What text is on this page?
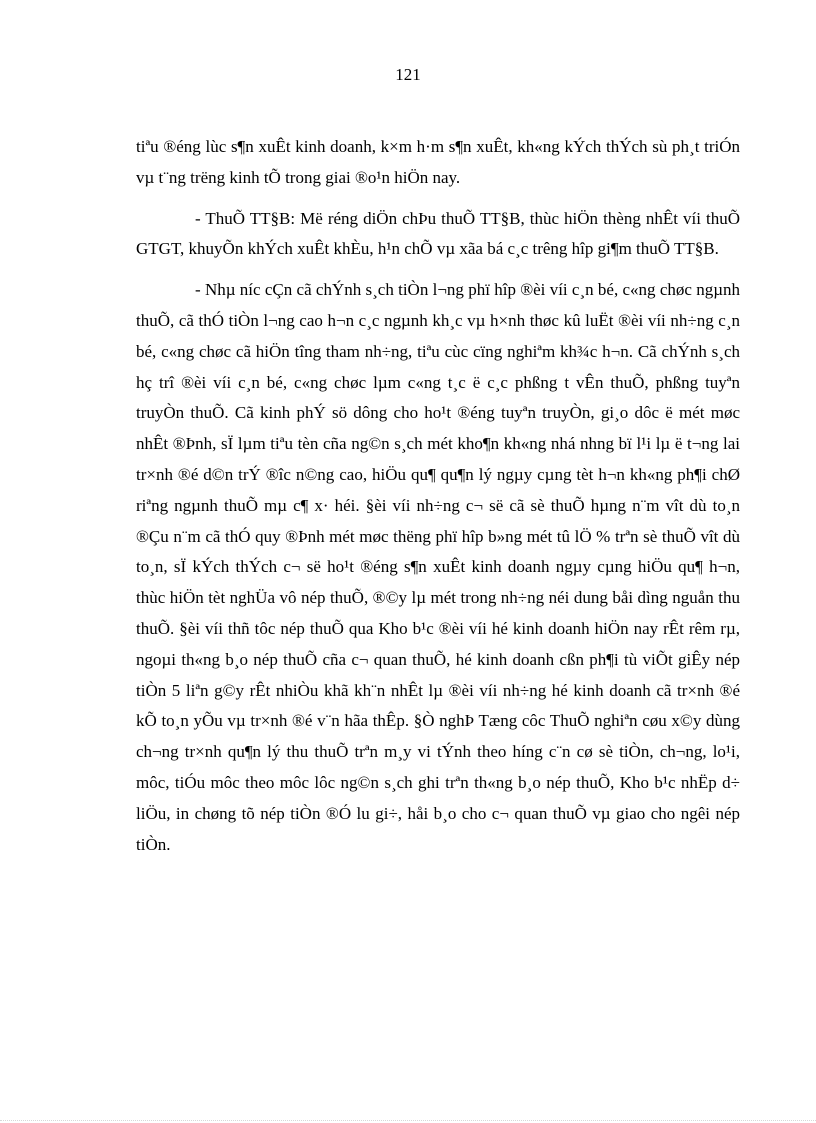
121

tiªu ®éng lùc s¶n xuÊt kinh doanh, k×m h·m s¶n xuÊt, kh«ng kÝch thÝch sù ph¸t triÓn vµ t¨ng trëng kinh tÕ trong giai ®o¹n hiÖn nay.

- ThuÕ TT§B: Më réng diÖn chÞu thuÕ TT§B, thùc hiÖn thèng nhÊt víi thuÕ GTGT, khuyÕn khÝch xuÊt khÈu, h¹n chÕ vµ xãa bá c¸c trêng hîp gi¶m thuÕ TT§B.

- Nhµ níc cÇn cã chÝnh s¸ch tiÒn l¬ng phï hîp ®èi víi c¸n bé, c«ng chøc ngµnh thuÕ, cã thÓ tiÒn l¬ng cao h¬n c¸c ngµnh kh¸c vµ h×nh thøc kû luËt ®èi víi nh÷ng c¸n bé, c«ng chøc cã hiÖn tîng tham nh÷ng, tiªu cùc cïng nghiªm kh¾c h¬n. Cã chÝnh s¸ch hç trî ®èi víi c¸n bé, c«ng chøc lµm c«ng t¸c ë c¸c phßng t vÊn thuÕ, phßng tuyªn truyÒn thuÕ. Cã kinh phÝ sö dông cho ho¹t ®éng tuyªn truyÒn, gi¸o dôc ë mét møc nhÊt ®Þnh, sÏ lµm tiªu tèn cña ng©n s¸ch mét kho¶n kh«ng nhá nhng bï l¹i lµ ë t¬ng lai tr×nh ®é d©n trÝ ®îc n©ng cao, hiÖu qu¶ qu¶n lý ngµy cµng tèt h¬n kh«ng ph¶i chØ riªng ngµnh thuÕ mµ c¶ x· héi. §èi víi nh÷ng c¬ së cã sè thuÕ hµng n¨m vît dù to¸n ®Çu n¨m cã thÓ quy ®Þnh mét møc thëng phï hîp b»ng mét tû lÖ % trªn sè thuÕ vît dù to¸n, sÏ kÝch thÝch c¬ së ho¹t ®éng s¶n xuÊt kinh doanh ngµy cµng hiÖu qu¶ h¬n, thùc hiÖn tèt nghÜa vô nép thuÕ, ®©y lµ mét trong nh÷ng néi dung båi dìng nguån thu thuÕ. §èi víi thñ tôc nép thuÕ qua Kho b¹c ®èi víi hé kinh doanh hiÖn nay rÊt rêm rµ, ngoµi th«ng b¸o nép thuÕ cña c¬ quan thuÕ, hé kinh doanh cßn ph¶i tù viÕt giÊy nép tiÒn 5 liªn g©y rÊt nhiÒu khã kh¨n nhÊt lµ ®èi víi nh÷ng hé kinh doanh cã tr×nh ®é kÕ to¸n yÕu vµ tr×nh ®é v¨n hãa thÊp. §Ò nghÞ Tæng côc ThuÕ nghiªn cøu x©y dùng ch¬ng tr×nh qu¶n lý thu thuÕ trªn m¸y vi tÝnh theo híng c¨n cø sè tiÒn, ch¬ng, lo¹i, môc, tiÓu môc theo môc lôc ng©n s¸ch ghi trªn th«ng b¸o nép thuÕ, Kho b¹c nhËp d÷ liÖu, in chøng tõ nép tiÒn ®Ó lu gi÷, håi b¸o cho c¬ quan thuÕ vµ giao cho ngêi nép tiÒn.
